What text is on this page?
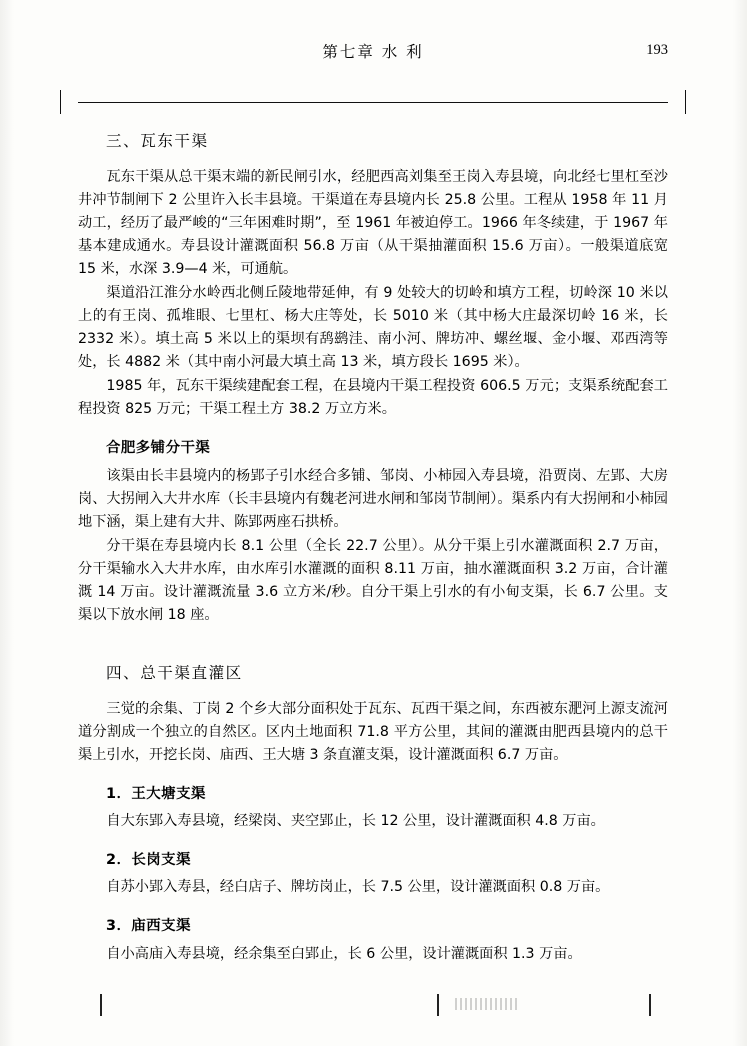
第七章 水 利	193
三、瓦东干渠

瓦东干渠从总干渠末端的新民闸引水，经肥西高刘集至王岗入寿县境，向北经七里杠至沙井冲节制闸下 2 公里许入长丰县境。干渠道在寿县境内长 25.8 公里。工程从 1958 年 11 月动工，经历了最严峻的“三年困难时期”，至 1961 年被迫停工。1966 年冬续建，于 1967 年基本建成通水。寿县设计灌溉面积 56.8 万亩（从干渠抽灌面积 15.6 万亩）。一般渠道底宽 15 米，水深 3.9—4 米，可通航。

渠道沿江淮分水岭西北侧丘陵地带延伸，有 9 处较大的切岭和填方工程，切岭深 10 米以上的有王岗、孤堆眼、七里杠、杨大庄等处，长 5010 米（其中杨大庄最深切岭 16 米，长 2332 米）。填土高 5 米以上的渠坝有鸹鹚洼、南小河、牌坊冲、螺丝堰、金小堰、邓西湾等处，长 4882 米（其中南小河最大填土高 13 米，填方段长 1695 米）。

1985 年，瓦东干渠续建配套工程，在县境内干渠工程投资 606.5 万元；支渠系统配套工程投资 825 万元；干渠工程土方 38.2 万立方米。

合肥多铺分干渠

该渠由长丰县境内的杨郢子引水经合多铺、邹岗、小柿园入寿县境，沿贾岗、左郢、大房岗、大拐闸入大井水库（长丰县境内有魏老河进水闸和邹岗节制闸）。渠系内有大拐闸和小柿园地下涵，渠上建有大井、陈郢两座石拱桥。

分干渠在寿县境内长 8.1 公里（全长 22.7 公里）。从分干渠上引水灌溉面积 2.7 万亩，分干渠输水入大井水库，由水库引水灌溉的面积 8.11 万亩，抽水灌溉面积 3.2 万亩，合计灌溉 14 万亩。设计灌溉流量 3.6 立方米/秒。自分干渠上引水的有小甸支渠，长 6.7 公里。支渠以下放水闸 18 座。

四、总干渠直灌区

三觉的余集、丁岗 2 个乡大部分面积处于瓦东、瓦西干渠之间，东西被东淝河上源支流河道分割成一个独立的自然区。区内土地面积 71.8 平方公里，其间的灌溉由肥西县境内的总干渠上引水，开挖长岗、庙西、王大塘 3 条直灌支渠，设计灌溉面积 6.7 万亩。

1．王大塘支渠

自大东郢入寿县境，经梁岗、夹空郢止，长 12 公里，设计灌溉面积 4.8 万亩。

2．长岗支渠

自苏小郢入寿县，经白店子、牌坊岗止，长 7.5 公里，设计灌溉面积 0.8 万亩。

3．庙西支渠

自小高庙入寿县境，经余集至白郢止，长 6 公里，设计灌溉面积 1.3 万亩。
